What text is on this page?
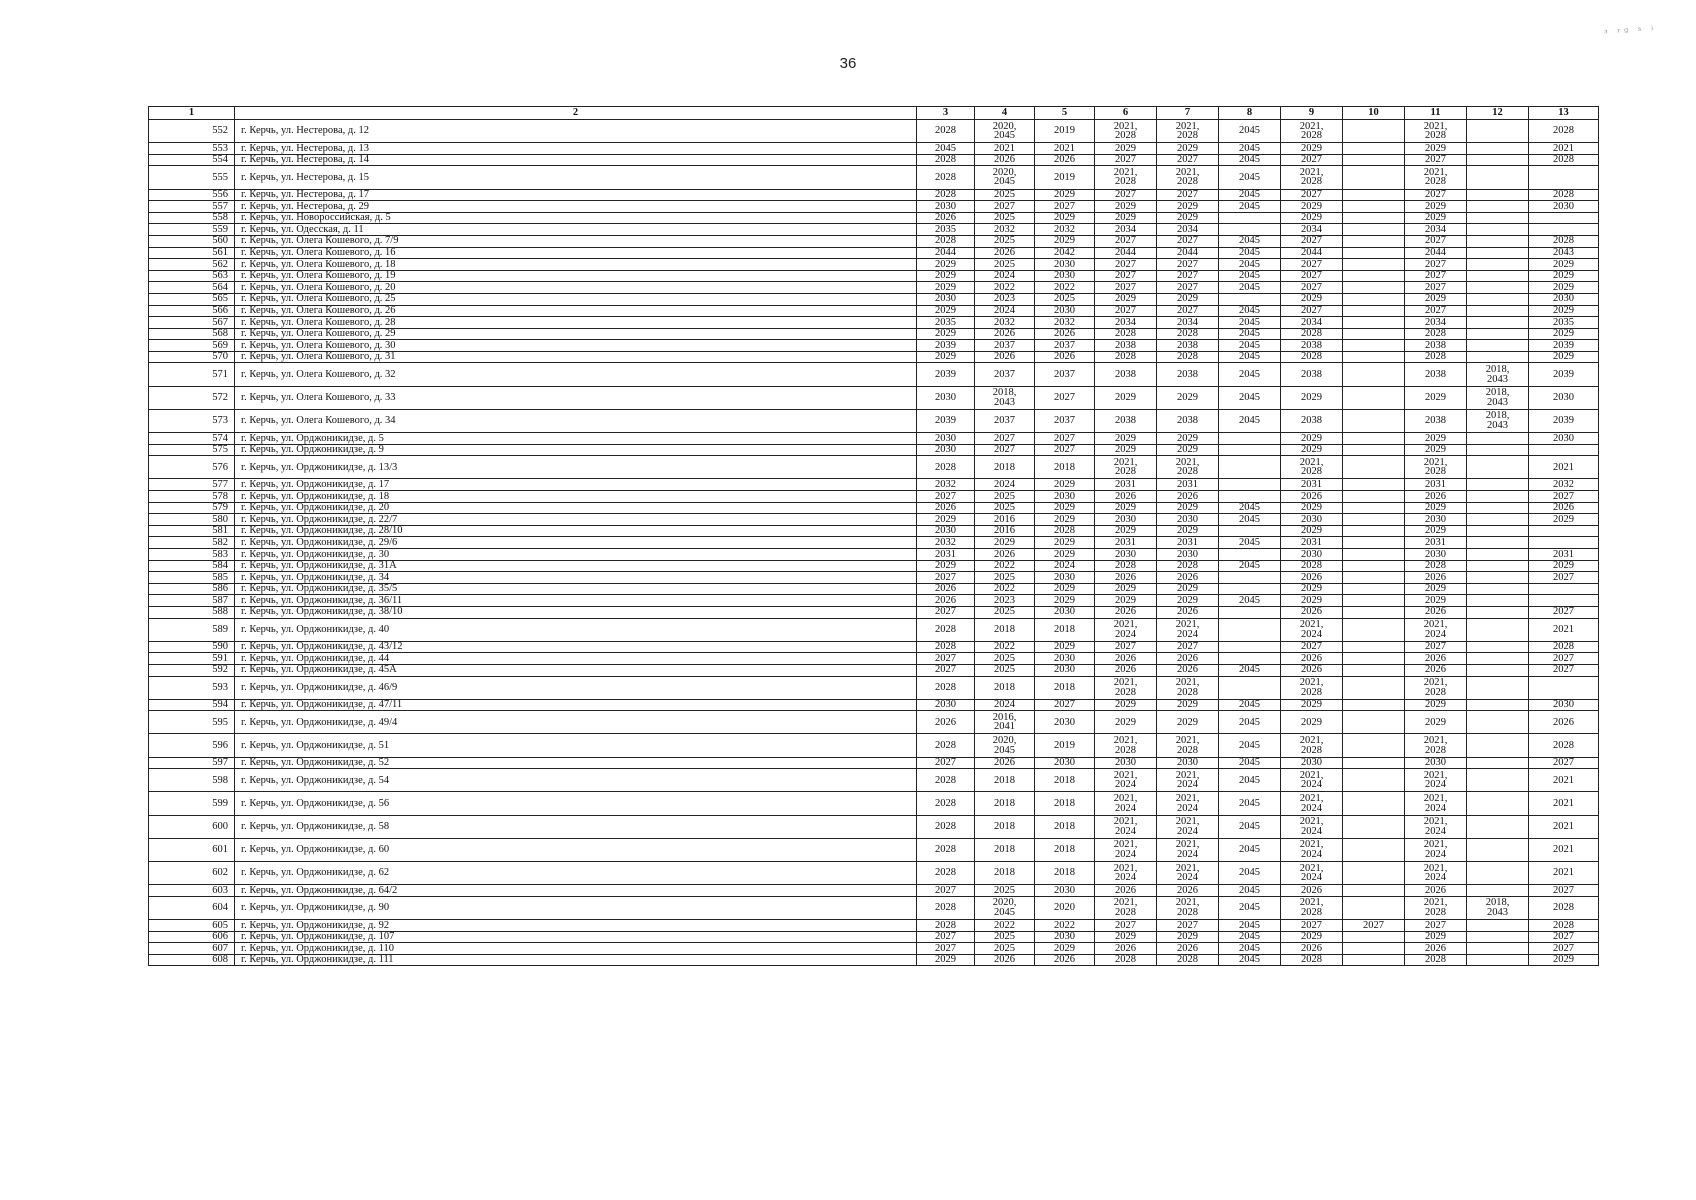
36
ᵌ ʳᵍ ˢ ⁱ
1	2	3	4	5	6	7	8	9	10	11	12	13
552	г. Керчь, ул. Нестерова, д. 12	2028	2020,
2045	2019	2021,
2028	2021,
2028	2045	2021,
2028		2021,
2028		2028
553	г. Керчь, ул. Нестерова, д. 13	2045	2021	2021	2029	2029	2045	2029		2029		2021
554	г. Керчь, ул. Нестерова, д. 14	2028	2026	2026	2027	2027	2045	2027		2027		2028
555	г. Керчь, ул. Нестерова, д. 15	2028	2020,
2045	2019	2021,
2028	2021,
2028	2045	2021,
2028		2021,
2028		
556	г. Керчь, ул. Нестерова, д. 17	2028	2025	2029	2027	2027	2045	2027		2027		2028
557	г. Керчь, ул. Нестерова, д. 29	2030	2027	2027	2029	2029	2045	2029		2029		2030
558	г. Керчь, ул. Новороссийская, д. 5	2026	2025	2029	2029	2029		2029		2029		
559	г. Керчь, ул. Одесская, д. 11	2035	2032	2032	2034	2034		2034		2034		
560	г. Керчь, ул. Олега Кошевого, д. 7/9	2028	2025	2029	2027	2027	2045	2027		2027		2028
561	г. Керчь, ул. Олега Кошевого, д. 16	2044	2026	2042	2044	2044	2045	2044		2044		2043
562	г. Керчь, ул. Олега Кошевого, д. 18	2029	2025	2030	2027	2027	2045	2027		2027		2029
563	г. Керчь, ул. Олега Кошевого, д. 19	2029	2024	2030	2027	2027	2045	2027		2027		2029
564	г. Керчь, ул. Олега Кошевого, д. 20	2029	2022	2022	2027	2027	2045	2027		2027		2029
565	г. Керчь, ул. Олега Кошевого, д. 25	2030	2023	2025	2029	2029		2029		2029		2030
566	г. Керчь, ул. Олега Кошевого, д. 26	2029	2024	2030	2027	2027	2045	2027		2027		2029
567	г. Керчь, ул. Олега Кошевого, д. 28	2035	2032	2032	2034	2034	2045	2034		2034		2035
568	г. Керчь, ул. Олега Кошевого, д. 29	2029	2026	2026	2028	2028	2045	2028		2028		2029
569	г. Керчь, ул. Олега Кошевого, д. 30	2039	2037	2037	2038	2038	2045	2038		2038		2039
570	г. Керчь, ул. Олега Кошевого, д. 31	2029	2026	2026	2028	2028	2045	2028		2028		2029
571	г. Керчь, ул. Олега Кошевого, д. 32	2039	2037	2037	2038	2038	2045	2038		2038	2018,
2043	2039
572	г. Керчь, ул. Олега Кошевого, д. 33	2030	2018,
2043	2027	2029	2029	2045	2029		2029	2018,
2043	2030
573	г. Керчь, ул. Олега Кошевого, д. 34	2039	2037	2037	2038	2038	2045	2038		2038	2018,
2043	2039
574	г. Керчь, ул. Орджоникидзе, д. 5	2030	2027	2027	2029	2029		2029		2029		2030
575	г. Керчь, ул. Орджоникидзе, д. 9	2030	2027	2027	2029	2029		2029		2029		
576	г. Керчь, ул. Орджоникидзе, д. 13/3	2028	2018	2018	2021,
2028	2021,
2028		2021,
2028		2021,
2028		2021
577	г. Керчь, ул. Орджоникидзе, д. 17	2032	2024	2029	2031	2031		2031		2031		2032
578	г. Керчь, ул. Орджоникидзе, д. 18	2027	2025	2030	2026	2026		2026		2026		2027
579	г. Керчь, ул. Орджоникидзе, д. 20	2026	2025	2029	2029	2029	2045	2029		2029		2026
580	г. Керчь, ул. Орджоникидзе, д. 22/7	2029	2016	2029	2030	2030	2045	2030		2030		2029
581	г. Керчь, ул. Орджоникидзе, д. 28/10	2030	2016	2028	2029	2029		2029		2029		
582	г. Керчь, ул. Орджоникидзе, д. 29/6	2032	2029	2029	2031	2031	2045	2031		2031		
583	г. Керчь, ул. Орджоникидзе, д. 30	2031	2026	2029	2030	2030		2030		2030		2031
584	г. Керчь, ул. Орджоникидзе, д. 31А	2029	2022	2024	2028	2028	2045	2028		2028		2029
585	г. Керчь, ул. Орджоникидзе, д. 34	2027	2025	2030	2026	2026		2026		2026		2027
586	г. Керчь, ул. Орджоникидзе, д. 35/5	2026	2022	2029	2029	2029		2029		2029		
587	г. Керчь, ул. Орджоникидзе, д. 36/11	2026	2023	2029	2029	2029	2045	2029		2029		
588	г. Керчь, ул. Орджоникидзе, д. 38/10	2027	2025	2030	2026	2026		2026		2026		2027
589	г. Керчь, ул. Орджоникидзе, д. 40	2028	2018	2018	2021,
2024	2021,
2024		2021,
2024		2021,
2024		2021
590	г. Керчь, ул. Орджоникидзе, д. 43/12	2028	2022	2029	2027	2027		2027		2027		2028
591	г. Керчь, ул. Орджоникидзе, д. 44	2027	2025	2030	2026	2026		2026		2026		2027
592	г. Керчь, ул. Орджоникидзе, д. 45А	2027	2025	2030	2026	2026	2045	2026		2026		2027
593	г. Керчь, ул. Орджоникидзе, д. 46/9	2028	2018	2018	2021,
2028	2021,
2028		2021,
2028		2021,
2028		
594	г. Керчь, ул. Орджоникидзе, д. 47/11	2030	2024	2027	2029	2029	2045	2029		2029		2030
595	г. Керчь, ул. Орджоникидзе, д. 49/4	2026	2016,
2041	2030	2029	2029	2045	2029		2029		2026
596	г. Керчь, ул. Орджоникидзе, д. 51	2028	2020,
2045	2019	2021,
2028	2021,
2028	2045	2021,
2028		2021,
2028		2028
597	г. Керчь, ул. Орджоникидзе, д. 52	2027	2026	2030	2030	2030	2045	2030		2030		2027
598	г. Керчь, ул. Орджоникидзе, д. 54	2028	2018	2018	2021,
2024	2021,
2024	2045	2021,
2024		2021,
2024		2021
599	г. Керчь, ул. Орджоникидзе, д. 56	2028	2018	2018	2021,
2024	2021,
2024	2045	2021,
2024		2021,
2024		2021
600	г. Керчь, ул. Орджоникидзе, д. 58	2028	2018	2018	2021,
2024	2021,
2024	2045	2021,
2024		2021,
2024		2021
601	г. Керчь, ул. Орджоникидзе, д. 60	2028	2018	2018	2021,
2024	2021,
2024	2045	2021,
2024		2021,
2024		2021
602	г. Керчь, ул. Орджоникидзе, д. 62	2028	2018	2018	2021,
2024	2021,
2024	2045	2021,
2024		2021,
2024		2021
603	г. Керчь, ул. Орджоникидзе, д. 64/2	2027	2025	2030	2026	2026	2045	2026		2026		2027
604	г. Керчь, ул. Орджоникидзе, д. 90	2028	2020,
2045	2020	2021,
2028	2021,
2028	2045	2021,
2028		2021,
2028	2018,
2043	2028
605	г. Керчь, ул. Орджоникидзе, д. 92	2028	2022	2022	2027	2027	2045	2027	2027	2027		2028
606	г. Керчь, ул. Орджоникидзе, д. 107	2027	2025	2030	2029	2029	2045	2029		2029		2027
607	г. Керчь, ул. Орджоникидзе, д. 110	2027	2025	2029	2026	2026	2045	2026		2026		2027
608	г. Керчь, ул. Орджоникидзе, д. 111	2029	2026	2026	2028	2028	2045	2028		2028		2029
